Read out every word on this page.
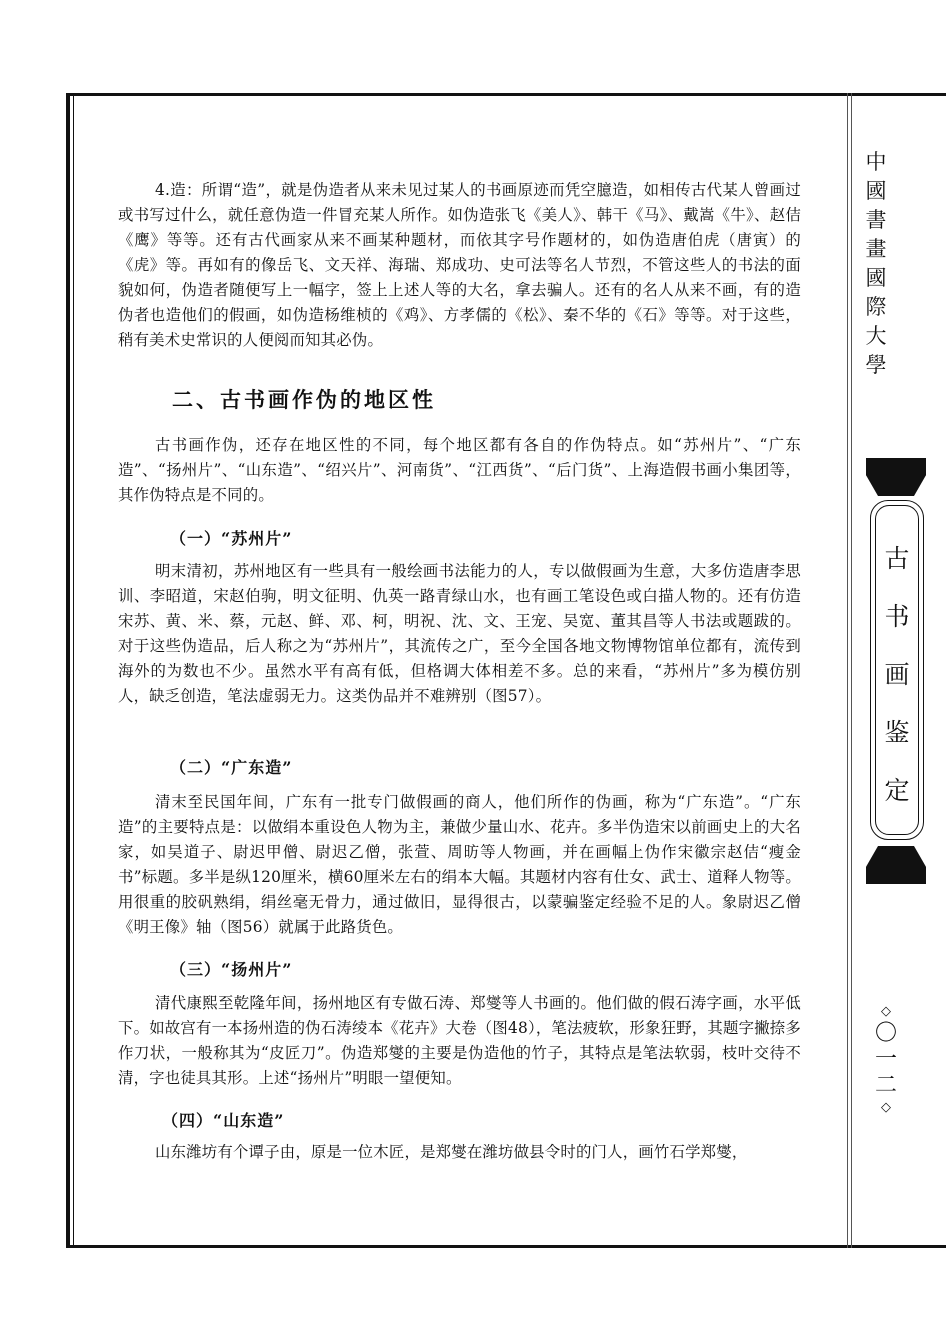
4.造：所谓“造”，就是伪造者从来未见过某人的书画原迹而凭空臆造，如相传古代某人曾画过或书写过什么，就任意伪造一件冒充某人所作。如伪造张飞《美人》、韩干《马》、戴嵩《牛》、赵佶《鹰》等等。还有古代画家从来不画某种题材，而依其字号作题材的，如伪造唐伯虎（唐寅）的《虎》等。再如有的像岳飞、文天祥、海瑞、郑成功、史可法等名人节烈，不管这些人的书法的面貌如何，伪造者随便写上一幅字，签上上述人等的大名，拿去骗人。还有的名人从来不画，有的造伪者也造他们的假画，如伪造杨维桢的《鸡》、方孝儒的《松》、秦不华的《石》等等。对于这些，稍有美术史常识的人便阅而知其必伪。

二、古书画作伪的地区性

古书画作伪，还存在地区性的不同，每个地区都有各自的作伪特点。如“苏州片”、“广东造”、“扬州片”、“山东造”、“绍兴片”、河南货”、“江西货”、“后门货”、上海造假书画小集团等，其作伪特点是不同的。

（一）“苏州片”

明末清初，苏州地区有一些具有一般绘画书法能力的人，专以做假画为生意，大多仿造唐李思训、李昭道，宋赵伯驹，明文征明、仇英一路青绿山水，也有画工笔设色或白描人物的。还有仿造宋苏、黄、米、蔡，元赵、鲜、邓、柯，明祝、沈、文、王宠、吴宽、董其昌等人书法或题跋的。对于这些伪造品，后人称之为“苏州片”，其流传之广，至今全国各地文物博物馆单位都有，流传到海外的为数也不少。虽然水平有高有低，但格调大体相差不多。总的来看，“苏州片”多为模仿别人，缺乏创造，笔法虚弱无力。这类伪品并不难辨别（图57）。

（二）“广东造”

清末至民国年间，广东有一批专门做假画的商人，他们所作的伪画，称为“广东造”。“广东造”的主要特点是：以做绢本重设色人物为主，兼做少量山水、花卉。多半伪造宋以前画史上的大名家，如吴道子、尉迟甲僧、尉迟乙僧，张萱、周昉等人物画，并在画幅上伪作宋徽宗赵佶“瘦金书”标题。多半是纵120厘米，横60厘米左右的绢本大幅。其题材内容有仕女、武士、道释人物等。用很重的胶矾熟绢，绢丝毫无骨力，通过做旧，显得很古，以蒙骗鉴定经验不足的人。象尉迟乙僧《明王像》轴（图56）就属于此路货色。

（三）“扬州片”

清代康熙至乾隆年间，扬州地区有专做石涛、郑燮等人书画的。他们做的假石涛字画，水平低下。如故宫有一本扬州造的伪石涛绫本《花卉》大卷（图48），笔法疲软，形象狂野，其题字撇捺多作刀状，一般称其为“皮匠刀”。伪造郑燮的主要是伪造他的竹子，其特点是笔法软弱，枝叶交待不清，字也徒具其形。上述“扬州片”明眼一望便知。

（四）“山东造”

山东潍坊有个谭子由，原是一位木匠，是郑燮在潍坊做县令时的门人，画竹石学郑燮，

中
國
書
畫
國
際
大
學
古
书
画
鉴
定
◇
〇
一
二
◇
